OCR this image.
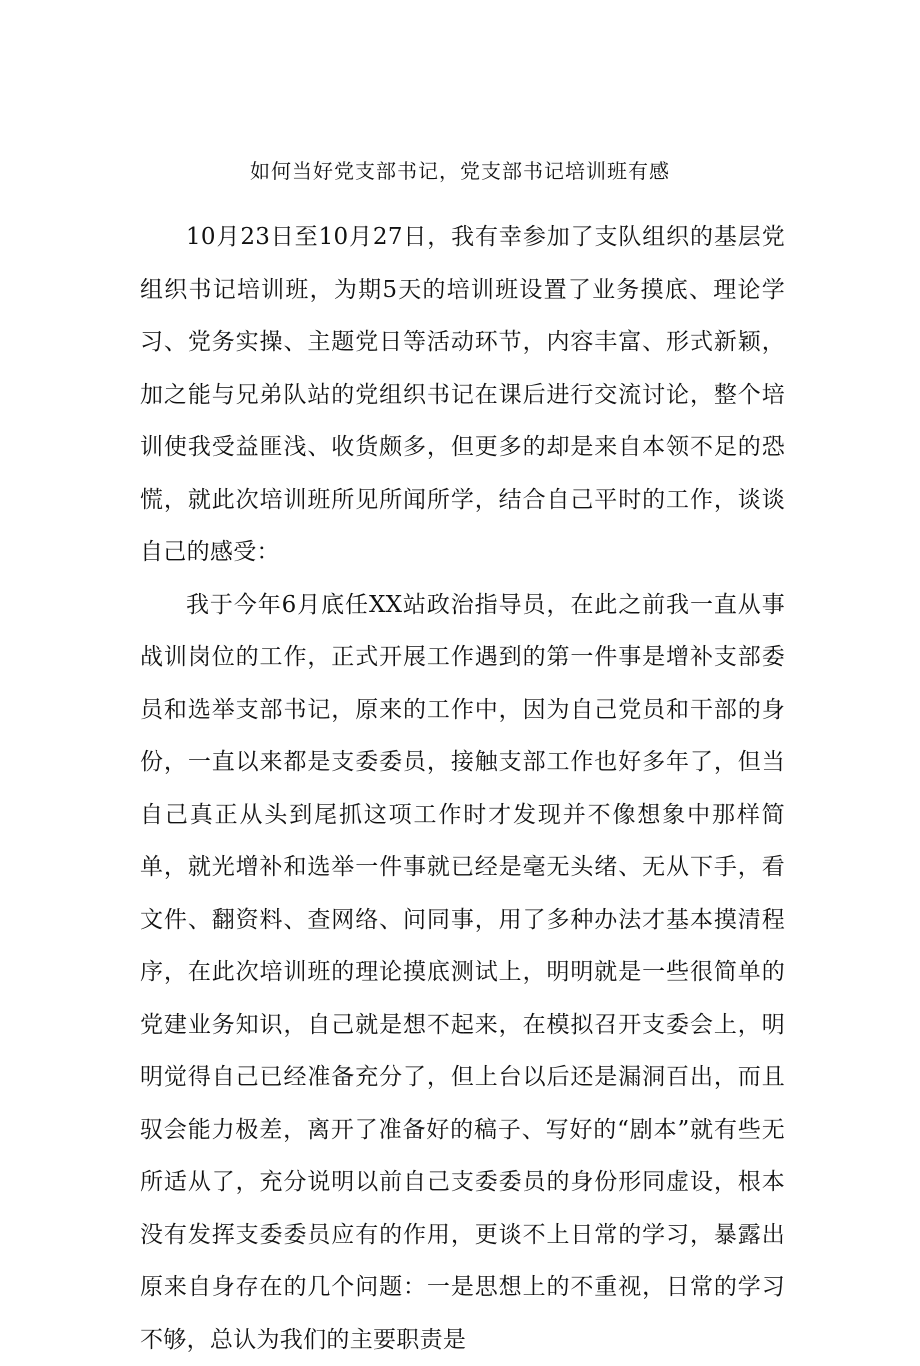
如何当好党支部书记，党支部书记培训班有感

10月23日至10月27日，我有幸参加了支队组织的基层党组织书记培训班，为期5天的培训班设置了业务摸底、理论学习、党务实操、主题党日等活动环节，内容丰富、形式新颖，加之能与兄弟队站的党组织书记在课后进行交流讨论，整个培训使我受益匪浅、收货颇多，但更多的却是来自本领不足的恐慌，就此次培训班所见所闻所学，结合自己平时的工作，谈谈自己的感受：

我于今年6月底任XX站政治指导员，在此之前我一直从事战训岗位的工作，正式开展工作遇到的第一件事是增补支部委员和选举支部书记，原来的工作中，因为自己党员和干部的身份，一直以来都是支委委员，接触支部工作也好多年了，但当自己真正从头到尾抓这项工作时才发现并不像想象中那样简单，就光增补和选举一件事就已经是毫无头绪、无从下手，看文件、翻资料、查网络、问同事，用了多种办法才基本摸清程序，在此次培训班的理论摸底测试上，明明就是一些很简单的党建业务知识，自己就是想不起来，在模拟召开支委会上，明明觉得自己已经准备充分了，但上台以后还是漏洞百出，而且驭会能力极差，离开了准备好的稿子、写好的“剧本”就有些无所适从了，充分说明以前自己支委委员的身份形同虚设，根本没有发挥支委委员应有的作用，更谈不上日常的学习，暴露出原来自身存在的几个问题：一是思想上的不重视，日常的学习不够，总认为我们的主要职责是
